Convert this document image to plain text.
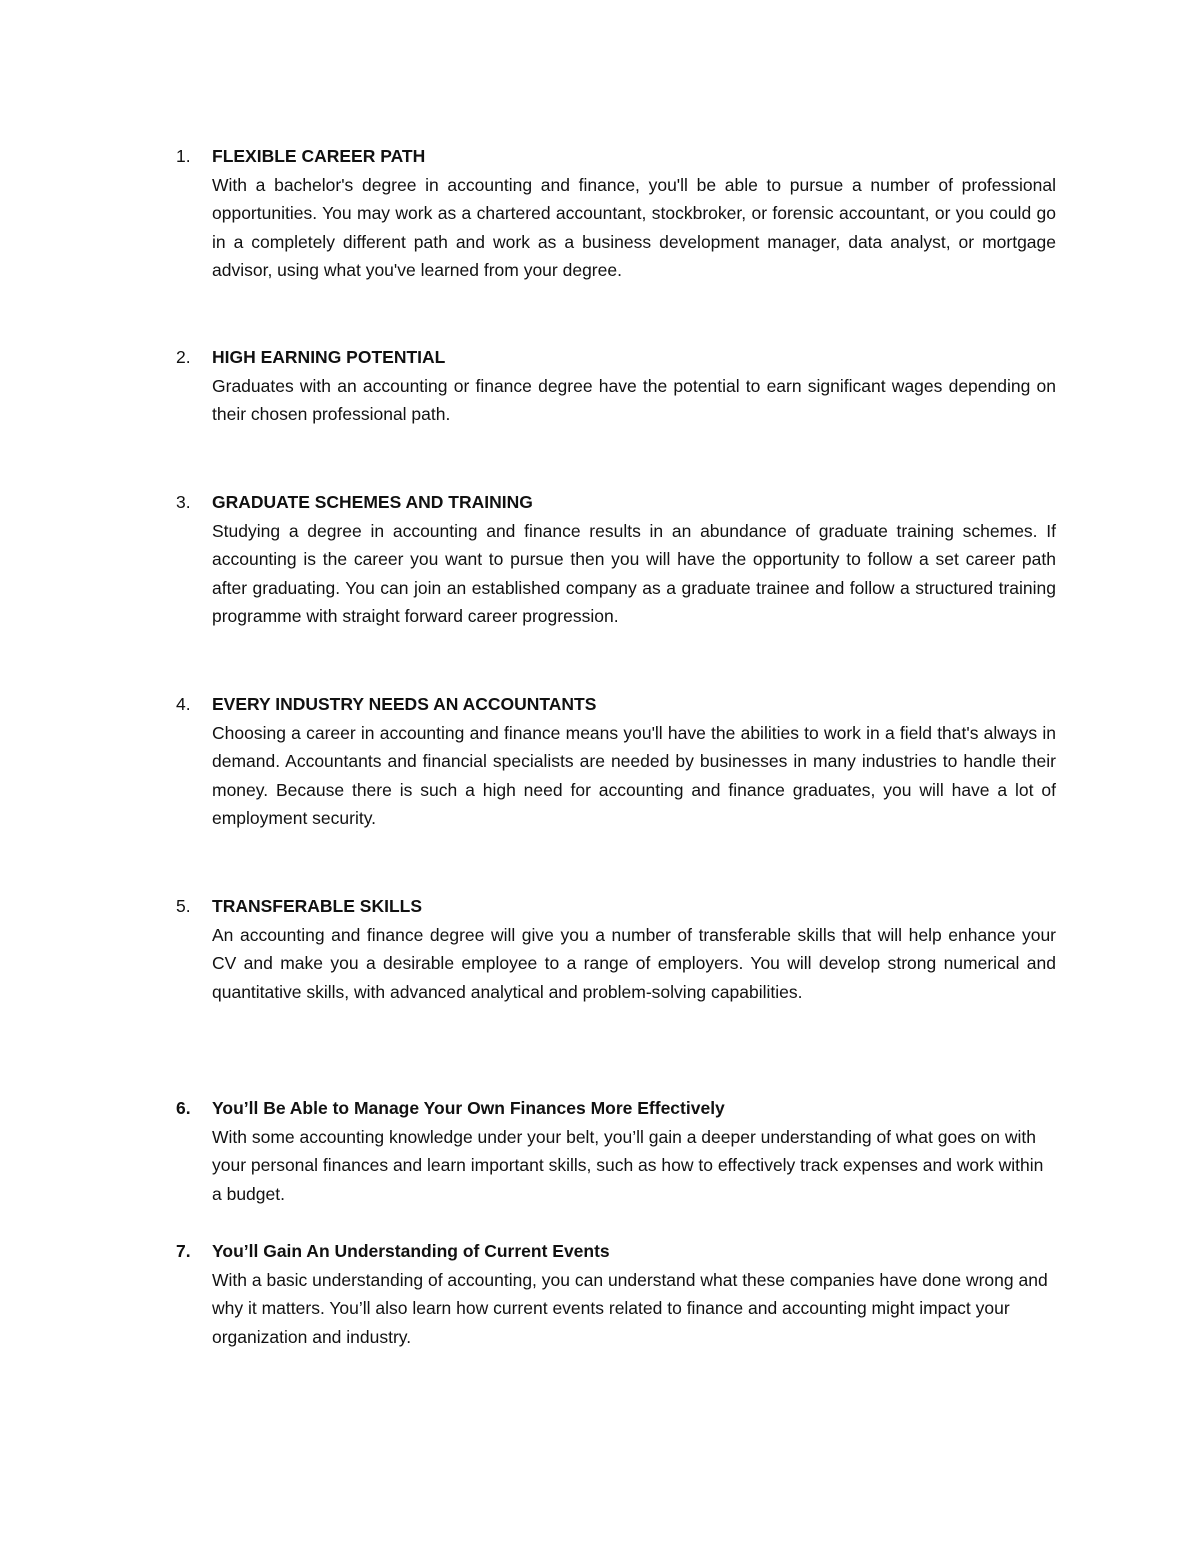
1. FLEXIBLE CAREER PATH
With a bachelor's degree in accounting and finance, you'll be able to pursue a number of professional opportunities. You may work as a chartered accountant, stockbroker, or forensic accountant, or you could go in a completely different path and work as a business development manager, data analyst, or mortgage advisor, using what you've learned from your degree.
2. HIGH EARNING POTENTIAL
Graduates with an accounting or finance degree have the potential to earn significant wages depending on their chosen professional path.
3. GRADUATE SCHEMES AND TRAINING
Studying a degree in accounting and finance results in an abundance of graduate training schemes. If accounting is the career you want to pursue then you will have the opportunity to follow a set career path after graduating. You can join an established company as a graduate trainee and follow a structured training programme with straight forward career progression.
4. EVERY INDUSTRY NEEDS AN ACCOUNTANTS
Choosing a career in accounting and finance means you'll have the abilities to work in a field that's always in demand. Accountants and financial specialists are needed by businesses in many industries to handle their money. Because there is such a high need for accounting and finance graduates, you will have a lot of employment security.
5. TRANSFERABLE SKILLS
An accounting and finance degree will give you a number of transferable skills that will help enhance your CV and make you a desirable employee to a range of employers. You will develop strong numerical and quantitative skills, with advanced analytical and problem-solving capabilities.
6. You’ll Be Able to Manage Your Own Finances More Effectively
With some accounting knowledge under your belt, you’ll gain a deeper understanding of what goes on with your personal finances and learn important skills, such as how to effectively track expenses and work within a budget.
7. You’ll Gain An Understanding of Current Events
With a basic understanding of accounting, you can understand what these companies have done wrong and why it matters. You’ll also learn how current events related to finance and accounting might impact your organization and industry.
